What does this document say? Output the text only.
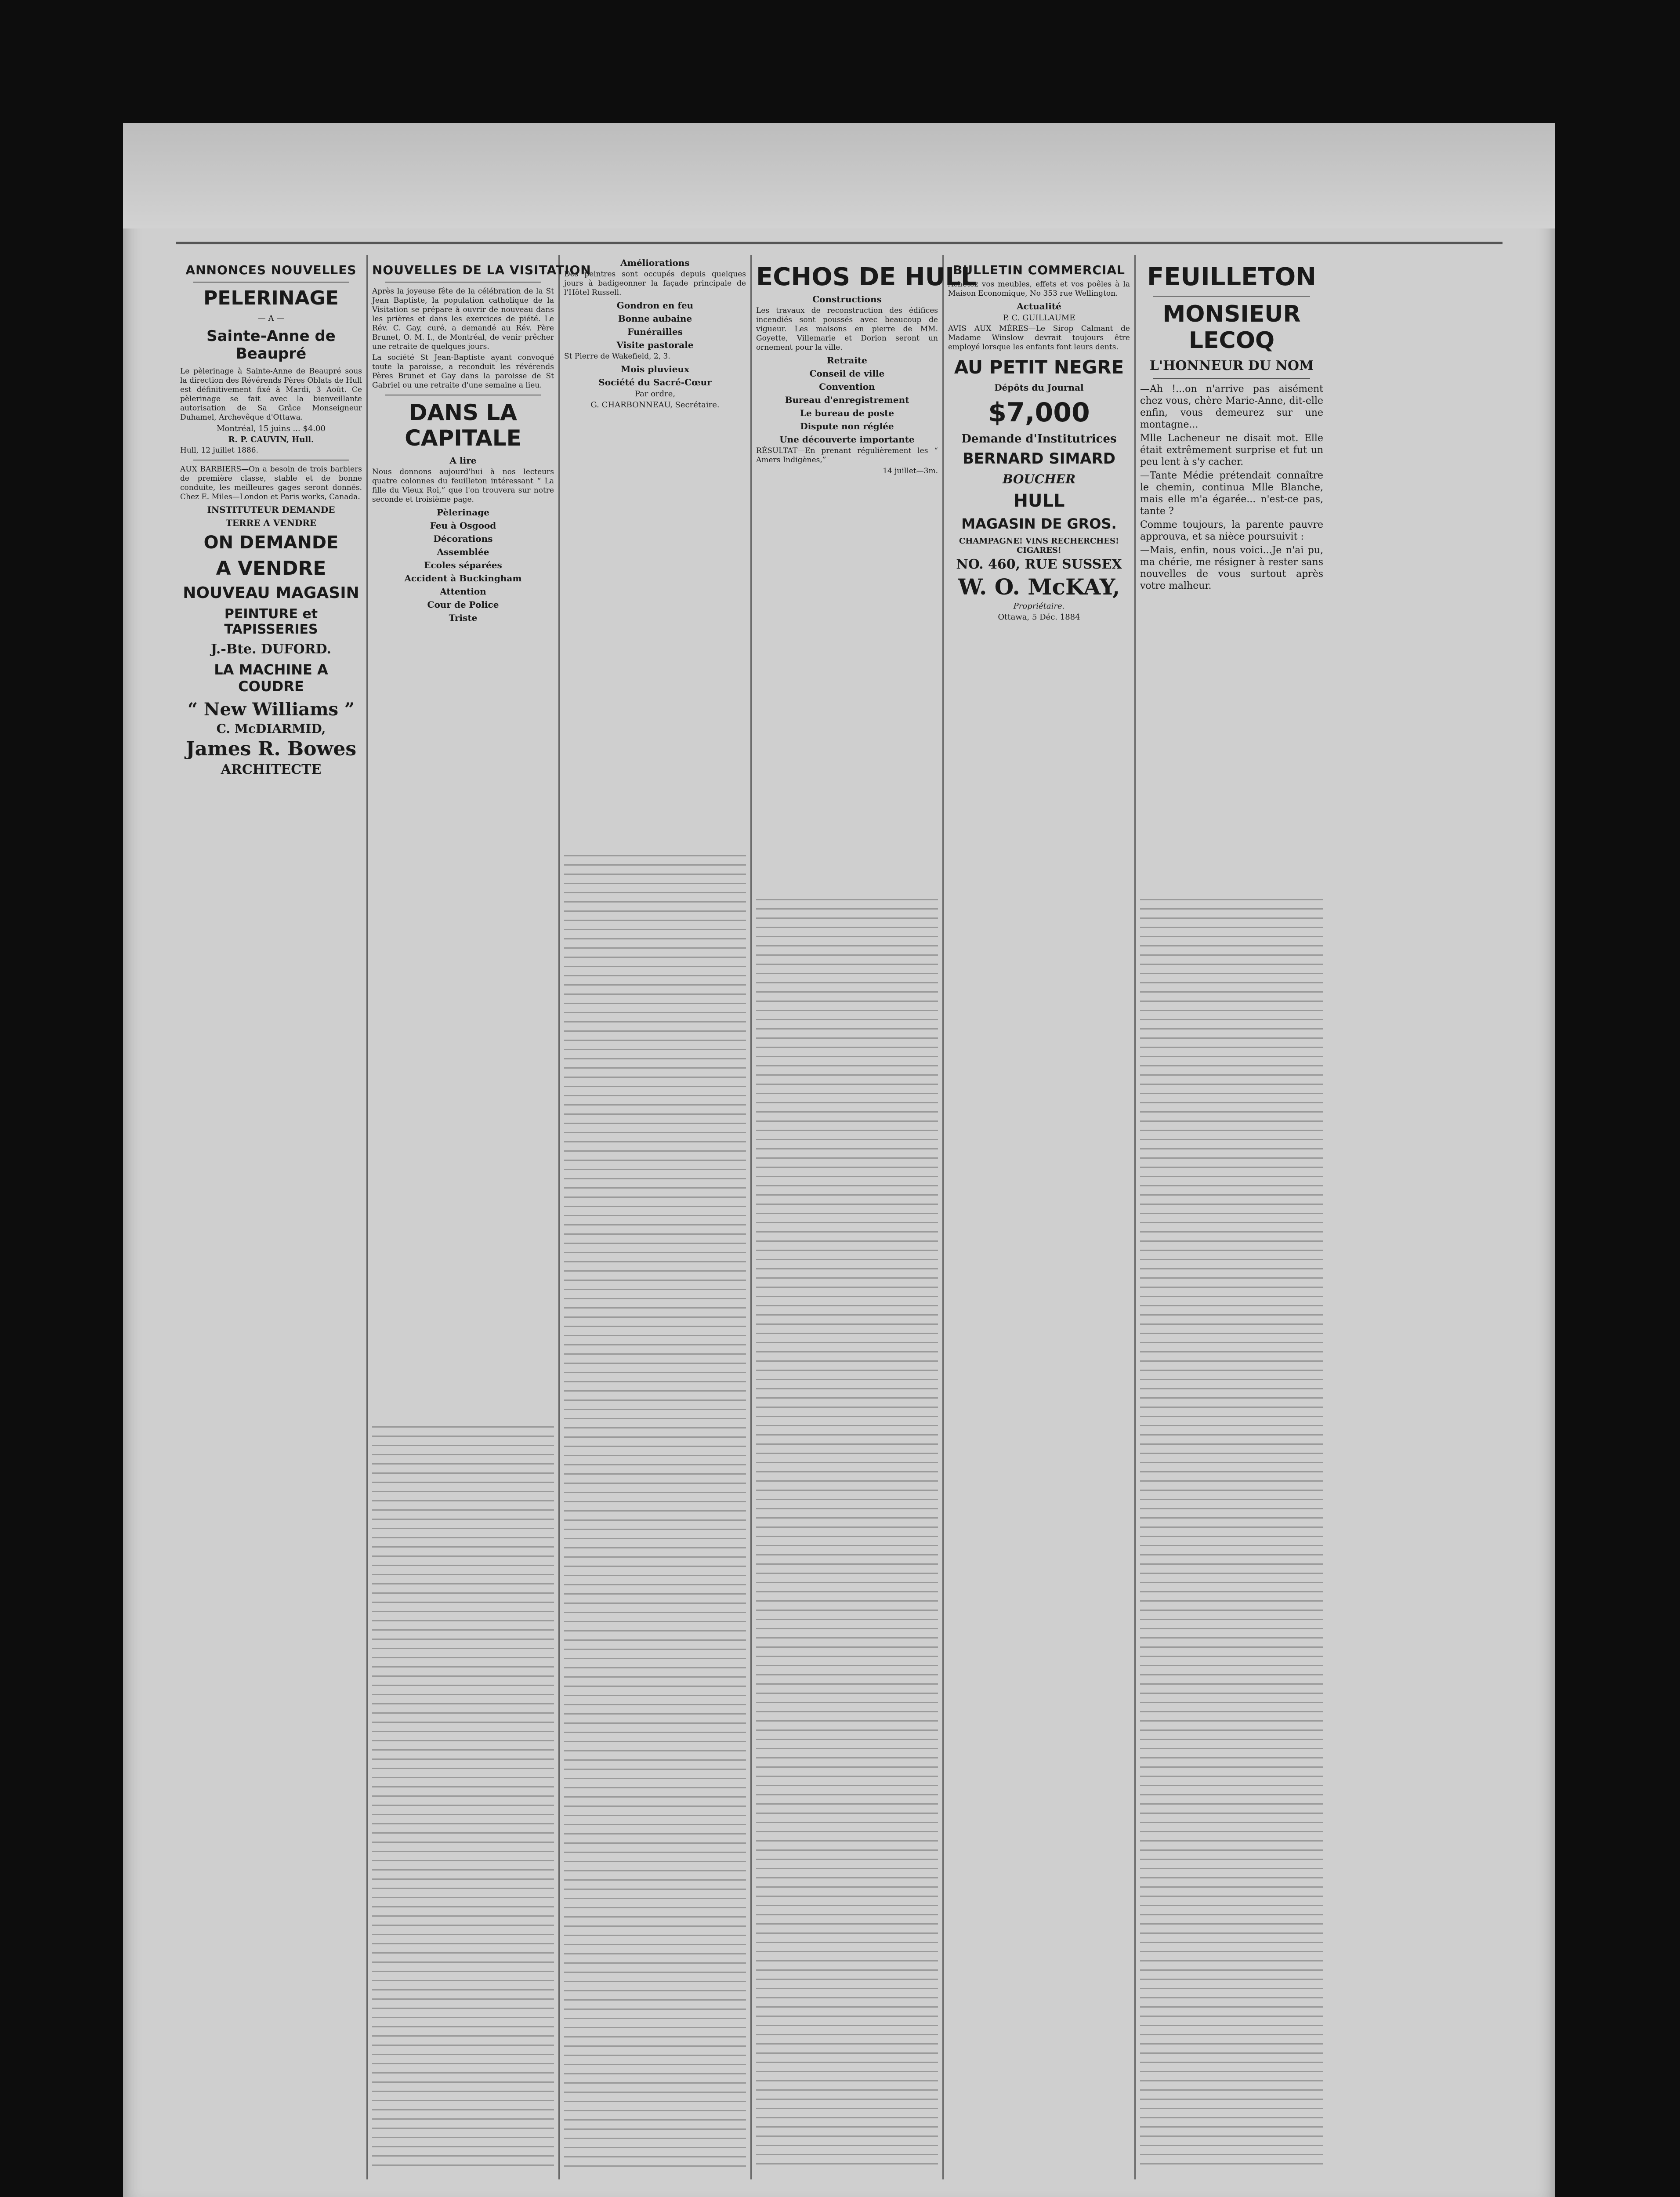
ANNONCES NOUVELLES
PELERINAGE
— A —
Sainte-Anne de Beaupré
Le pèlerinage à Sainte-Anne de Beaupré sous la direction des Révérends Pères Oblats de Hull est définitivement fixé à Mardi, 3 Août. Ce pèlerinage se fait avec la bienveillante autorisation de Sa Grâce Monseigneur Duhamel, Archevêque d'Ottawa.
Montréal, 15 juins ... $4.00
R. P. CAUVIN, Hull.
Hull, 12 juillet 1886.
AUX BARBIERS—On a besoin de trois barbiers de première classe, stable et de bonne conduite, les meilleures gages seront donnés. Chez E. Miles—London et Paris works, Canada.
INSTITUTEUR DEMANDE
TERRE A VENDRE
ON DEMANDE
A VENDRE
NOUVEAU MAGASIN
PEINTURE et TAPISSERIES
J.-Bte. DUFORD.
LA MACHINE A COUDRE
“ New Williams ”
C. McDIARMID,
James R. Bowes
ARCHITECTE
NOUVELLES DE LA VISITATION
Après la joyeuse fête de la célébration de la St Jean Baptiste, la population catholique de la Visitation se prépare à ouvrir de nouveau dans les prières et dans les exercices de piété. Le Rév. C. Gay, curé, a demandé au Rév. Père Brunet, O. M. I., de Montréal, de venir prêcher une retraite de quelques jours.
La société St Jean-Baptiste ayant convoqué toute la paroisse, a reconduit les révérends Pères Brunet et Gay dans la paroisse de St Gabriel ou une retraite d'une semaine a lieu.
DANS LA CAPITALE
A lire
Nous donnons aujourd'hui à nos lecteurs quatre colonnes du feuilleton intéressant “ La fille du Vieux Roi,” que l'on trouvera sur notre seconde et troisième page.
Pèlerinage
Feu à Osgood
Décorations
Assemblée
Ecoles séparées
Accident à Buckingham
Attention
Cour de Police
Triste
Améliorations
Des peintres sont occupés depuis quelques jours à badigeonner la façade principale de l'Hôtel Russell.
Gondron en feu
Bonne aubaine
Funérailles
Visite pastorale
St Pierre de Wakefield, 2, 3.
Mois pluvieux
Société du Sacré-Cœur
Par ordre,
G. CHARBONNEAU, Secrétaire.
ECHOS DE HULL
Constructions
Les travaux de reconstruction des édifices incendiés sont poussés avec beaucoup de vigueur. Les maisons en pierre de MM. Goyette, Villemarie et Dorion seront un ornement pour la ville.
Retraite
Conseil de ville
Convention
Bureau d'enregistrement
Le bureau de poste
Dispute non réglée
Une découverte importante
RÉSULTAT—En prenant régulièrement les “ Amers Indigènes,”
14 juillet—3m.
BULLETIN COMMERCIAL
Achetez vos meubles, effets et vos poêles à la Maison Economique, No 353 rue Wellington.
Actualité
P. C. GUILLAUME
AVIS AUX MÈRES—Le Sirop Calmant de Madame Winslow devrait toujours être employé lorsque les enfants font leurs dents.
AU PETIT NEGRE
Dépôts du Journal
$7,000
Demande d'Institutrices
BERNARD SIMARD
BOUCHER
HULL
MAGASIN DE GROS.
CHAMPAGNE! VINS RECHERCHES! CIGARES!
NO. 460, RUE SUSSEX
W. O. McKAY,
Propriétaire.
Ottawa, 5 Déc. 1884
FEUILLETON
MONSIEUR LECOQ
L'HONNEUR DU NOM
—Ah !...on n'arrive pas aisément chez vous, chère Marie-Anne, dit-elle enfin, vous demeurez sur une montagne...
Mlle Lacheneur ne disait mot. Elle était extrêmement surprise et fut un peu lent à s'y cacher.
—Tante Médie prétendait connaître le chemin, continua Mlle Blanche, mais elle m'a égarée... n'est-ce pas, tante ?
Comme toujours, la parente pauvre approuva, et sa nièce poursuivit :
—Mais, enfin, nous voici...Je n'ai pu, ma chérie, me résigner à rester sans nouvelles de vous surtout après votre malheur.
